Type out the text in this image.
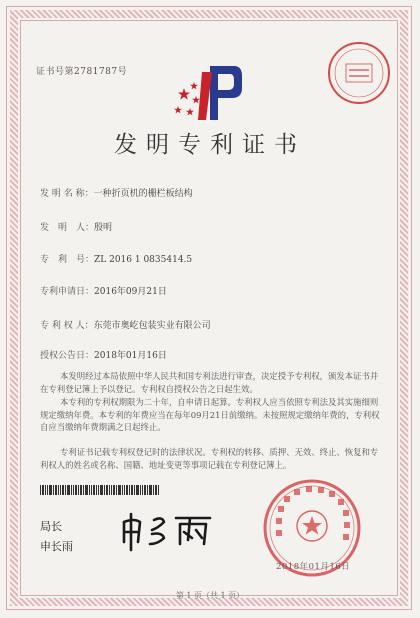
证书号第2781787号
发明专利证书
发 明 名 称：一种折页机的栅栏板结构
发　明　人：殷明
专　利　号：ZL 2016 1 0835414.5
专利申请日：2016年09月21日
专 利 权 人：东莞市奥屹包装实业有限公司
授权公告日：2018年01月16日
本发明经过本局依照中华人民共和国专利法进行审查，决定授予专利权，颁发本证书并在专利登记簿上予以登记。专利权自授权公告之日起生效。
本专利的专利权期限为二十年，自申请日起算。专利权人应当依照专利法及其实施细则规定缴纳年费。本专利的年费应当在每年09月21日前缴纳。未按照规定缴纳年费的，专利权自应当缴纳年费期满之日起终止。
专利证书记载专利权登记时的法律状况。专利权的转移、质押、无效、终止、恢复和专利权人的姓名或名称、国籍、地址变更等事项记载在专利登记簿上。
局长
申长雨
2018年01月16日
第 1 页（共 1 页）
